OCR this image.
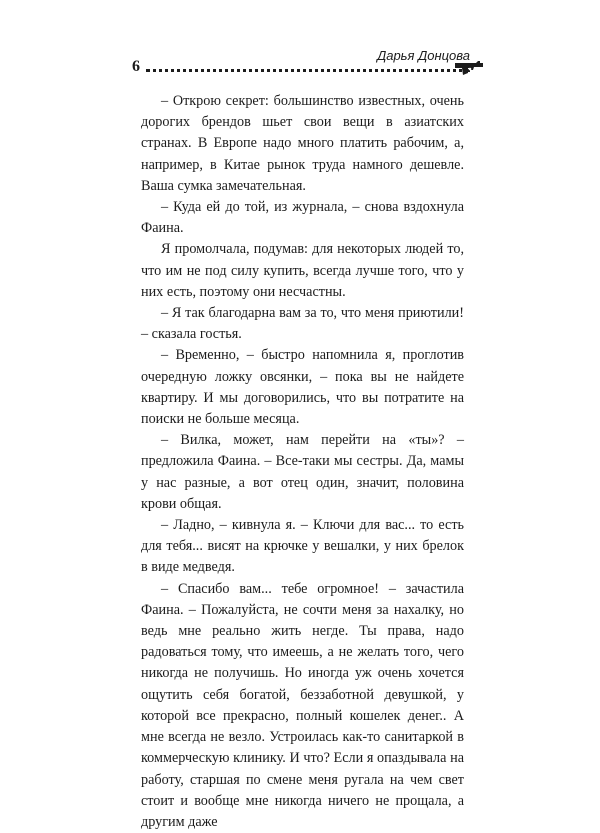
6
Дарья Донцова

– Открою секрет: большинство известных, очень дорогих брендов шьет свои вещи в азиатских странах. В Европе надо много платить рабочим, а, например, в Китае рынок труда намного дешевле. Ваша сумка замечательная.

– Куда ей до той, из журнала, – снова вздохнула Фаина.

Я промолчала, подумав: для некоторых людей то, что им не под силу купить, всегда лучше того, что у них есть, поэтому они несчастны.

– Я так благодарна вам за то, что меня приютили! – сказала гостья.

– Временно, – быстро напомнила я, проглотив очередную ложку овсянки, – пока вы не найдете квартиру. И мы договорились, что вы потратите на поиски не больше месяца.

– Вилка, может, нам перейти на «ты»? – предложила Фаина. – Все-таки мы сестры. Да, мамы у нас разные, а вот отец один, значит, половина крови общая.

– Ладно, – кивнула я. – Ключи для вас... то есть для тебя... висят на крючке у вешалки, у них брелок в виде медведя.

– Спасибо вам... тебе огромное! – зачастила Фаина. – Пожалуйста, не сочти меня за нахалку, но ведь мне реально жить негде. Ты права, надо радоваться тому, что имеешь, а не желать того, чего никогда не получишь. Но иногда уж очень хочется ощутить себя богатой, беззаботной девушкой, у которой все прекрасно, полный кошелек денег.. А мне всегда не везло. Устроилась как-то санитаркой в коммерческую клинику. И что? Если я опаздывала на работу, старшая по смене меня ругала на чем свет стоит и вообще мне никогда ничего не прощала, а другим даже
